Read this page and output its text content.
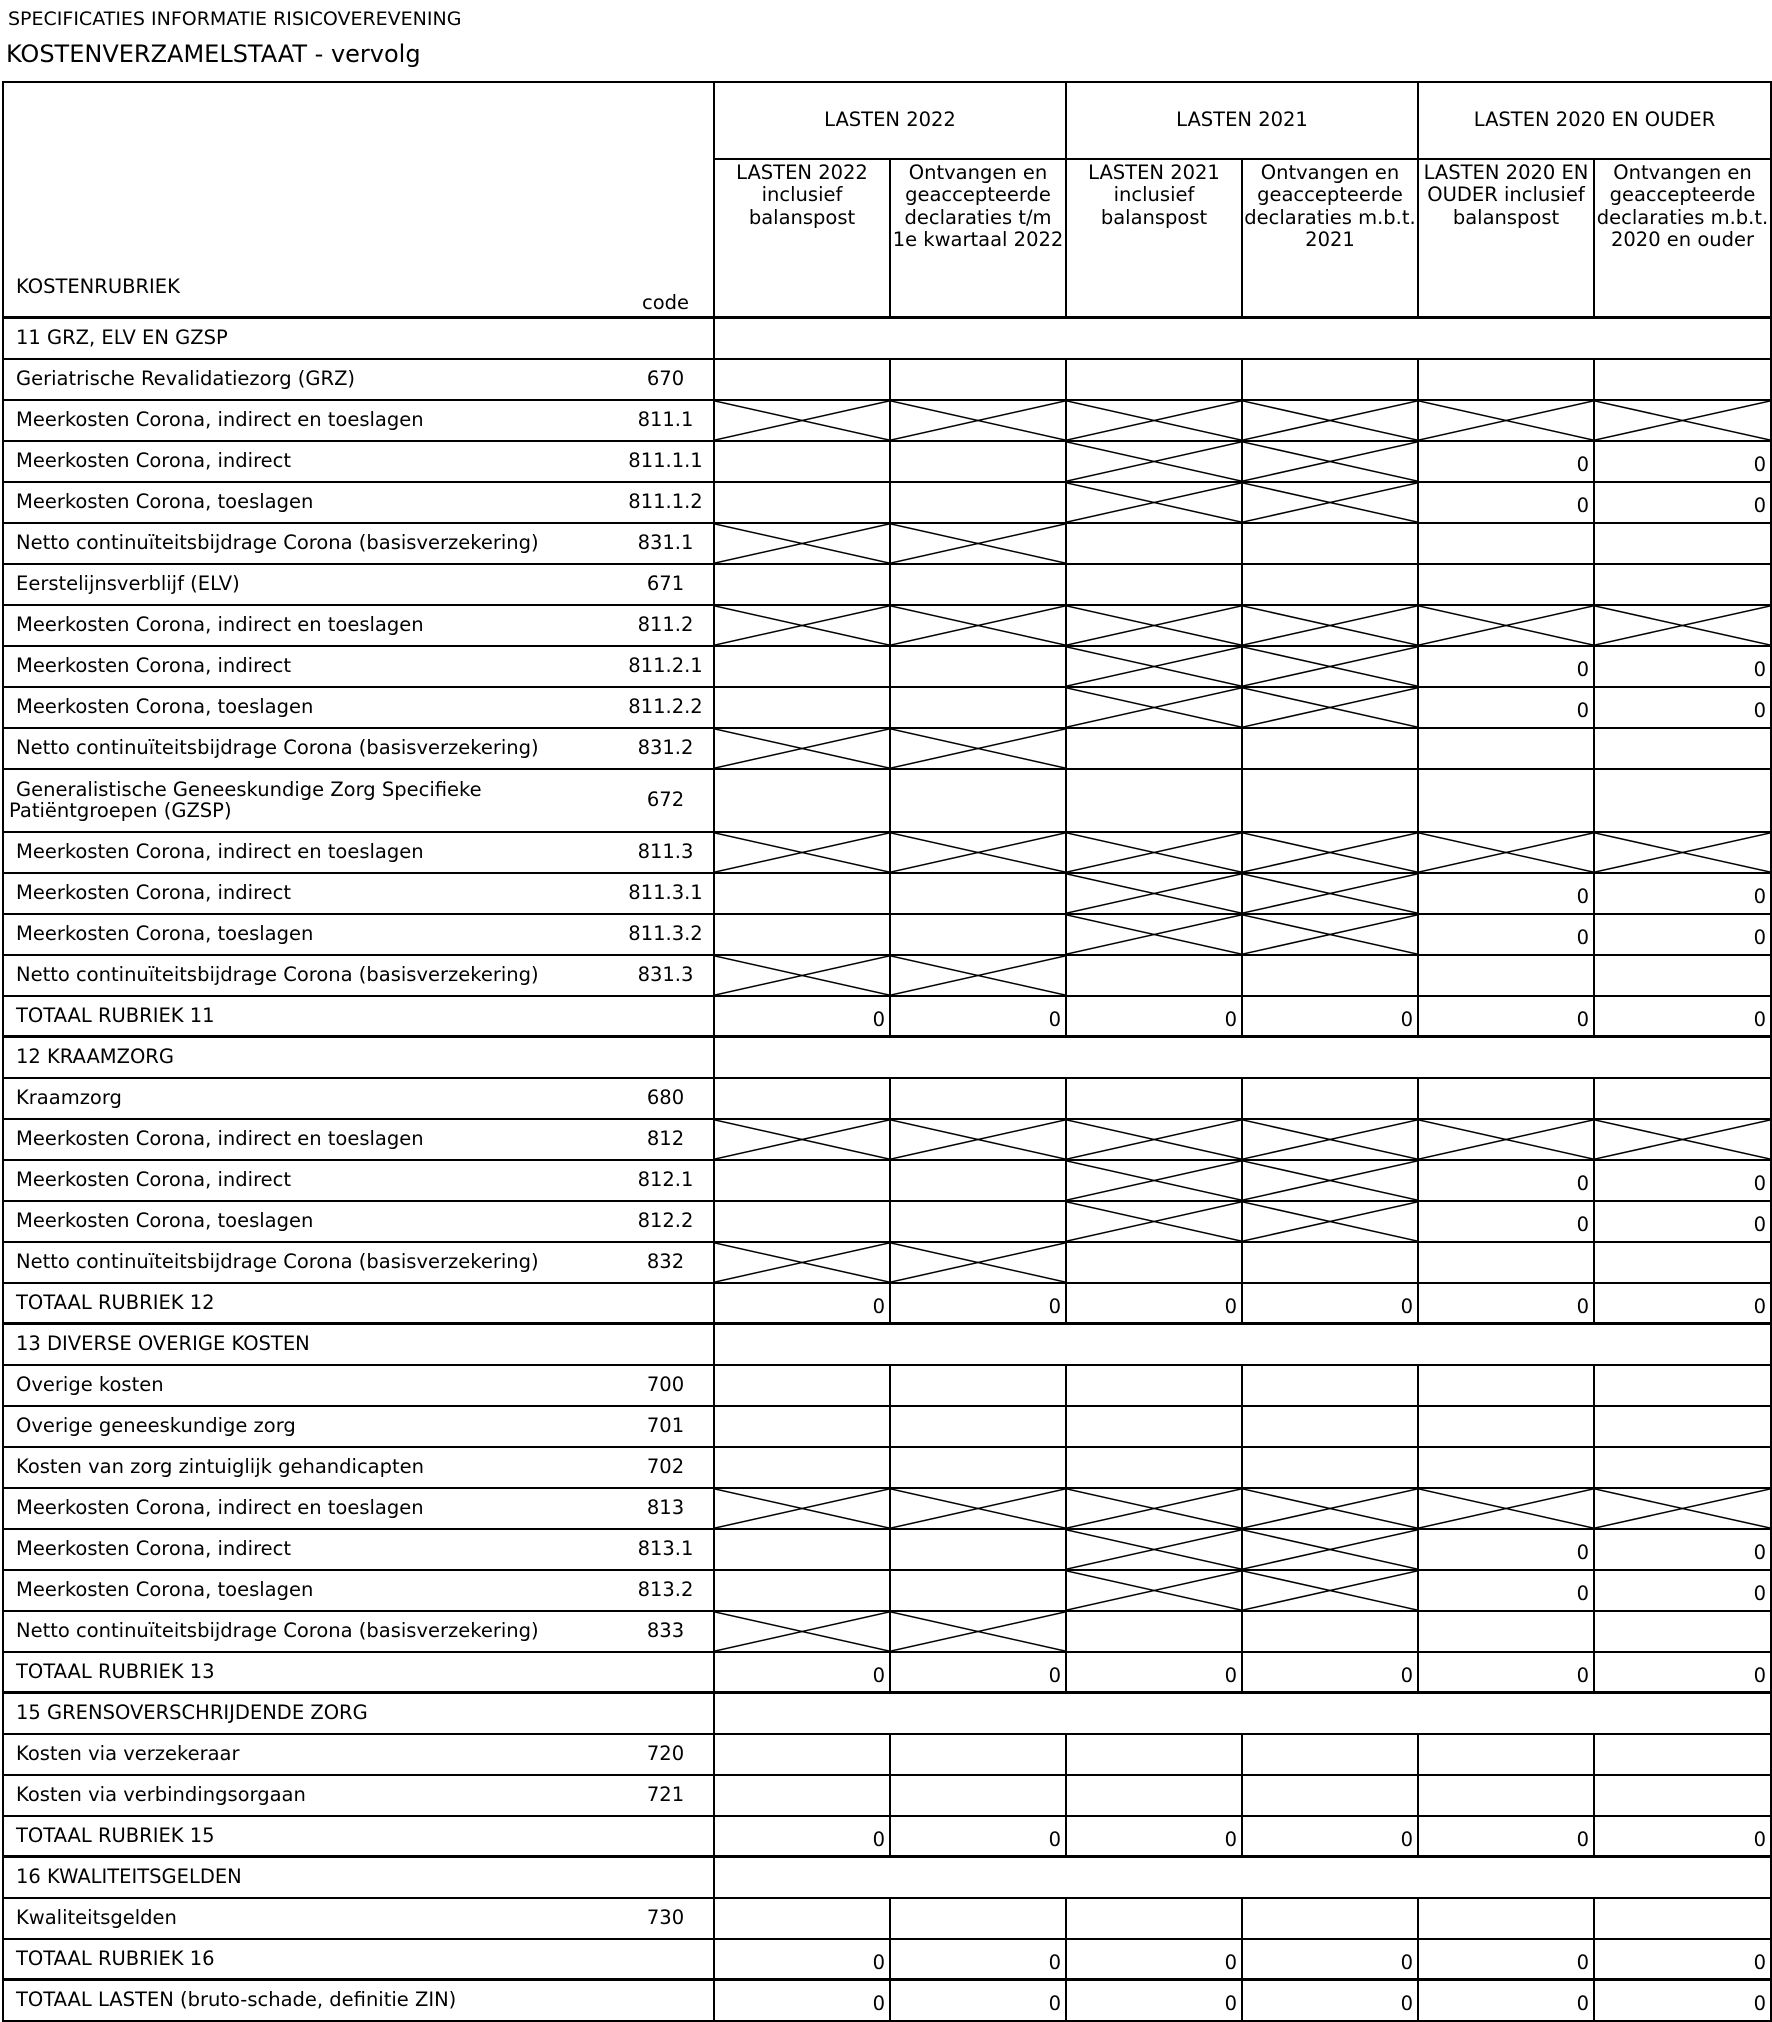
SPECIFICATIES INFORMATIE RISICOVEREVENING
KOSTENVERZAMELSTAAT - vervolg
KOSTENRUBRIEK	code	LASTEN 2022		LASTEN 2021		LASTEN 2020 EN OUDER	
		LASTEN 2022 inclusief balanspost	Ontvangen en geaccepteerde declaraties t/m 1e kwartaal 2022	LASTEN 2021 inclusief balanspost	Ontvangen en geaccepteerde declaraties m.b.t. 2021	LASTEN 2020 EN OUDER inclusief balanspost	Ontvangen en geaccepteerde declaraties m.b.t. 2020 en ouder
11 GRZ, ELV EN GZSP							
Geriatrische Revalidatiezorg (GRZ)	670						
Meerkosten Corona, indirect en toeslagen	811.1	

Meerkosten Corona, indirect	811.1.1					0	0
Meerkosten Corona, toeslagen	811.1.2					0	0
Netto continuïteitsbijdrage Corona (basisverzekering)	831.1	

Eerstelijnsverblijf (ELV)	671						
Meerkosten Corona, indirect en toeslagen	811.2	

Meerkosten Corona, indirect	811.2.1					0	0
Meerkosten Corona, toeslagen	811.2.2					0	0
Netto continuïteitsbijdrage Corona (basisverzekering)	831.2	

Generalistische Geneeskundige Zorg Specifieke Patiëntgroepen (GZSP)	672						
Meerkosten Corona, indirect en toeslagen	811.3	

Meerkosten Corona, indirect	811.3.1					0	0
Meerkosten Corona, toeslagen	811.3.2					0	0
Netto continuïteitsbijdrage Corona (basisverzekering)	831.3	

TOTAAL RUBRIEK 11		0	0	0	0	0	0
12 KRAAMZORG							
Kraamzorg	680						
Meerkosten Corona, indirect en toeslagen	812	

Meerkosten Corona, indirect	812.1					0	0
Meerkosten Corona, toeslagen	812.2					0	0
Netto continuïteitsbijdrage Corona (basisverzekering)	832	

TOTAAL RUBRIEK 12		0	0	0	0	0	0
13 DIVERSE OVERIGE KOSTEN							
Overige kosten	700						
Overige geneeskundige zorg	701						
Kosten van zorg zintuiglijk gehandicapten	702						
Meerkosten Corona, indirect en toeslagen	813	

Meerkosten Corona, indirect	813.1					0	0
Meerkosten Corona, toeslagen	813.2					0	0
Netto continuïteitsbijdrage Corona (basisverzekering)	833	

TOTAAL RUBRIEK 13		0	0	0	0	0	0
15 GRENSOVERSCHRIJDENDE ZORG							
Kosten via verzekeraar	720						
Kosten via verbindingsorgaan	721						
TOTAAL RUBRIEK 15		0	0	0	0	0	0
16 KWALITEITSGELDEN							
Kwaliteitsgelden	730						
TOTAAL RUBRIEK 16		0	0	0	0	0	0
TOTAAL LASTEN (bruto-schade, definitie ZIN)		0	0	0	0	0	0
